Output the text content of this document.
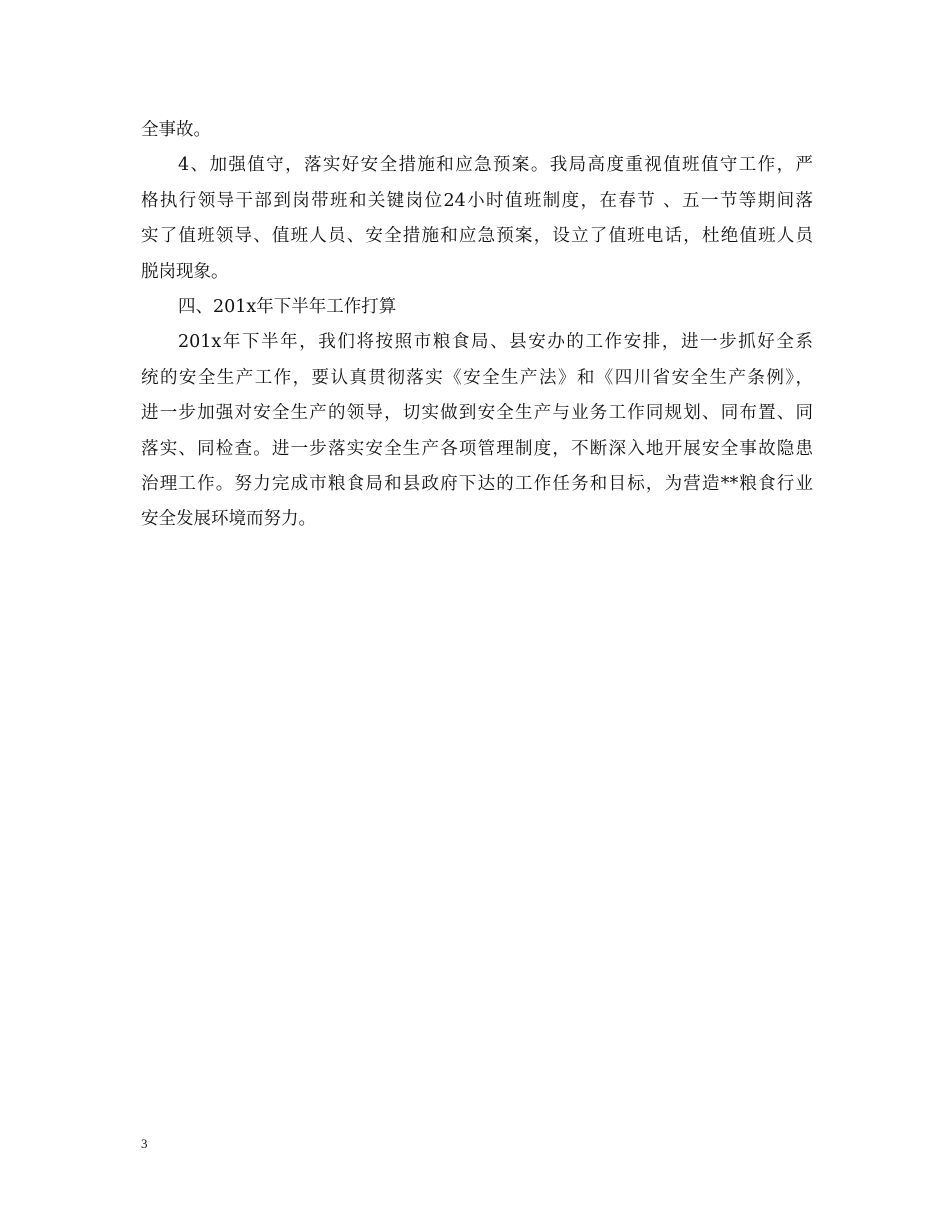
全事故。
4、加强值守，落实好安全措施和应急预案。我局高度重视值班值守工作，严
格执行领导干部到岗带班和关键岗位24小时值班制度，在春节 、五一节等期间落
实了值班领导、值班人员、安全措施和应急预案，设立了值班电话，杜绝值班人员
脱岗现象。
四、201x年下半年工作打算
201x年下半年，我们将按照市粮食局、县安办的工作安排，进一步抓好全系
统的安全生产工作，要认真贯彻落实《安全生产法》和《四川省安全生产条例》，
进一步加强对安全生产的领导，切实做到安全生产与业务工作同规划、同布置、同
落实、同检查。进一步落实安全生产各项管理制度，不断深入地开展安全事故隐患
治理工作。努力完成市粮食局和县政府下达的工作任务和目标，为营造**粮食行业
安全发展环境而努力。
3
